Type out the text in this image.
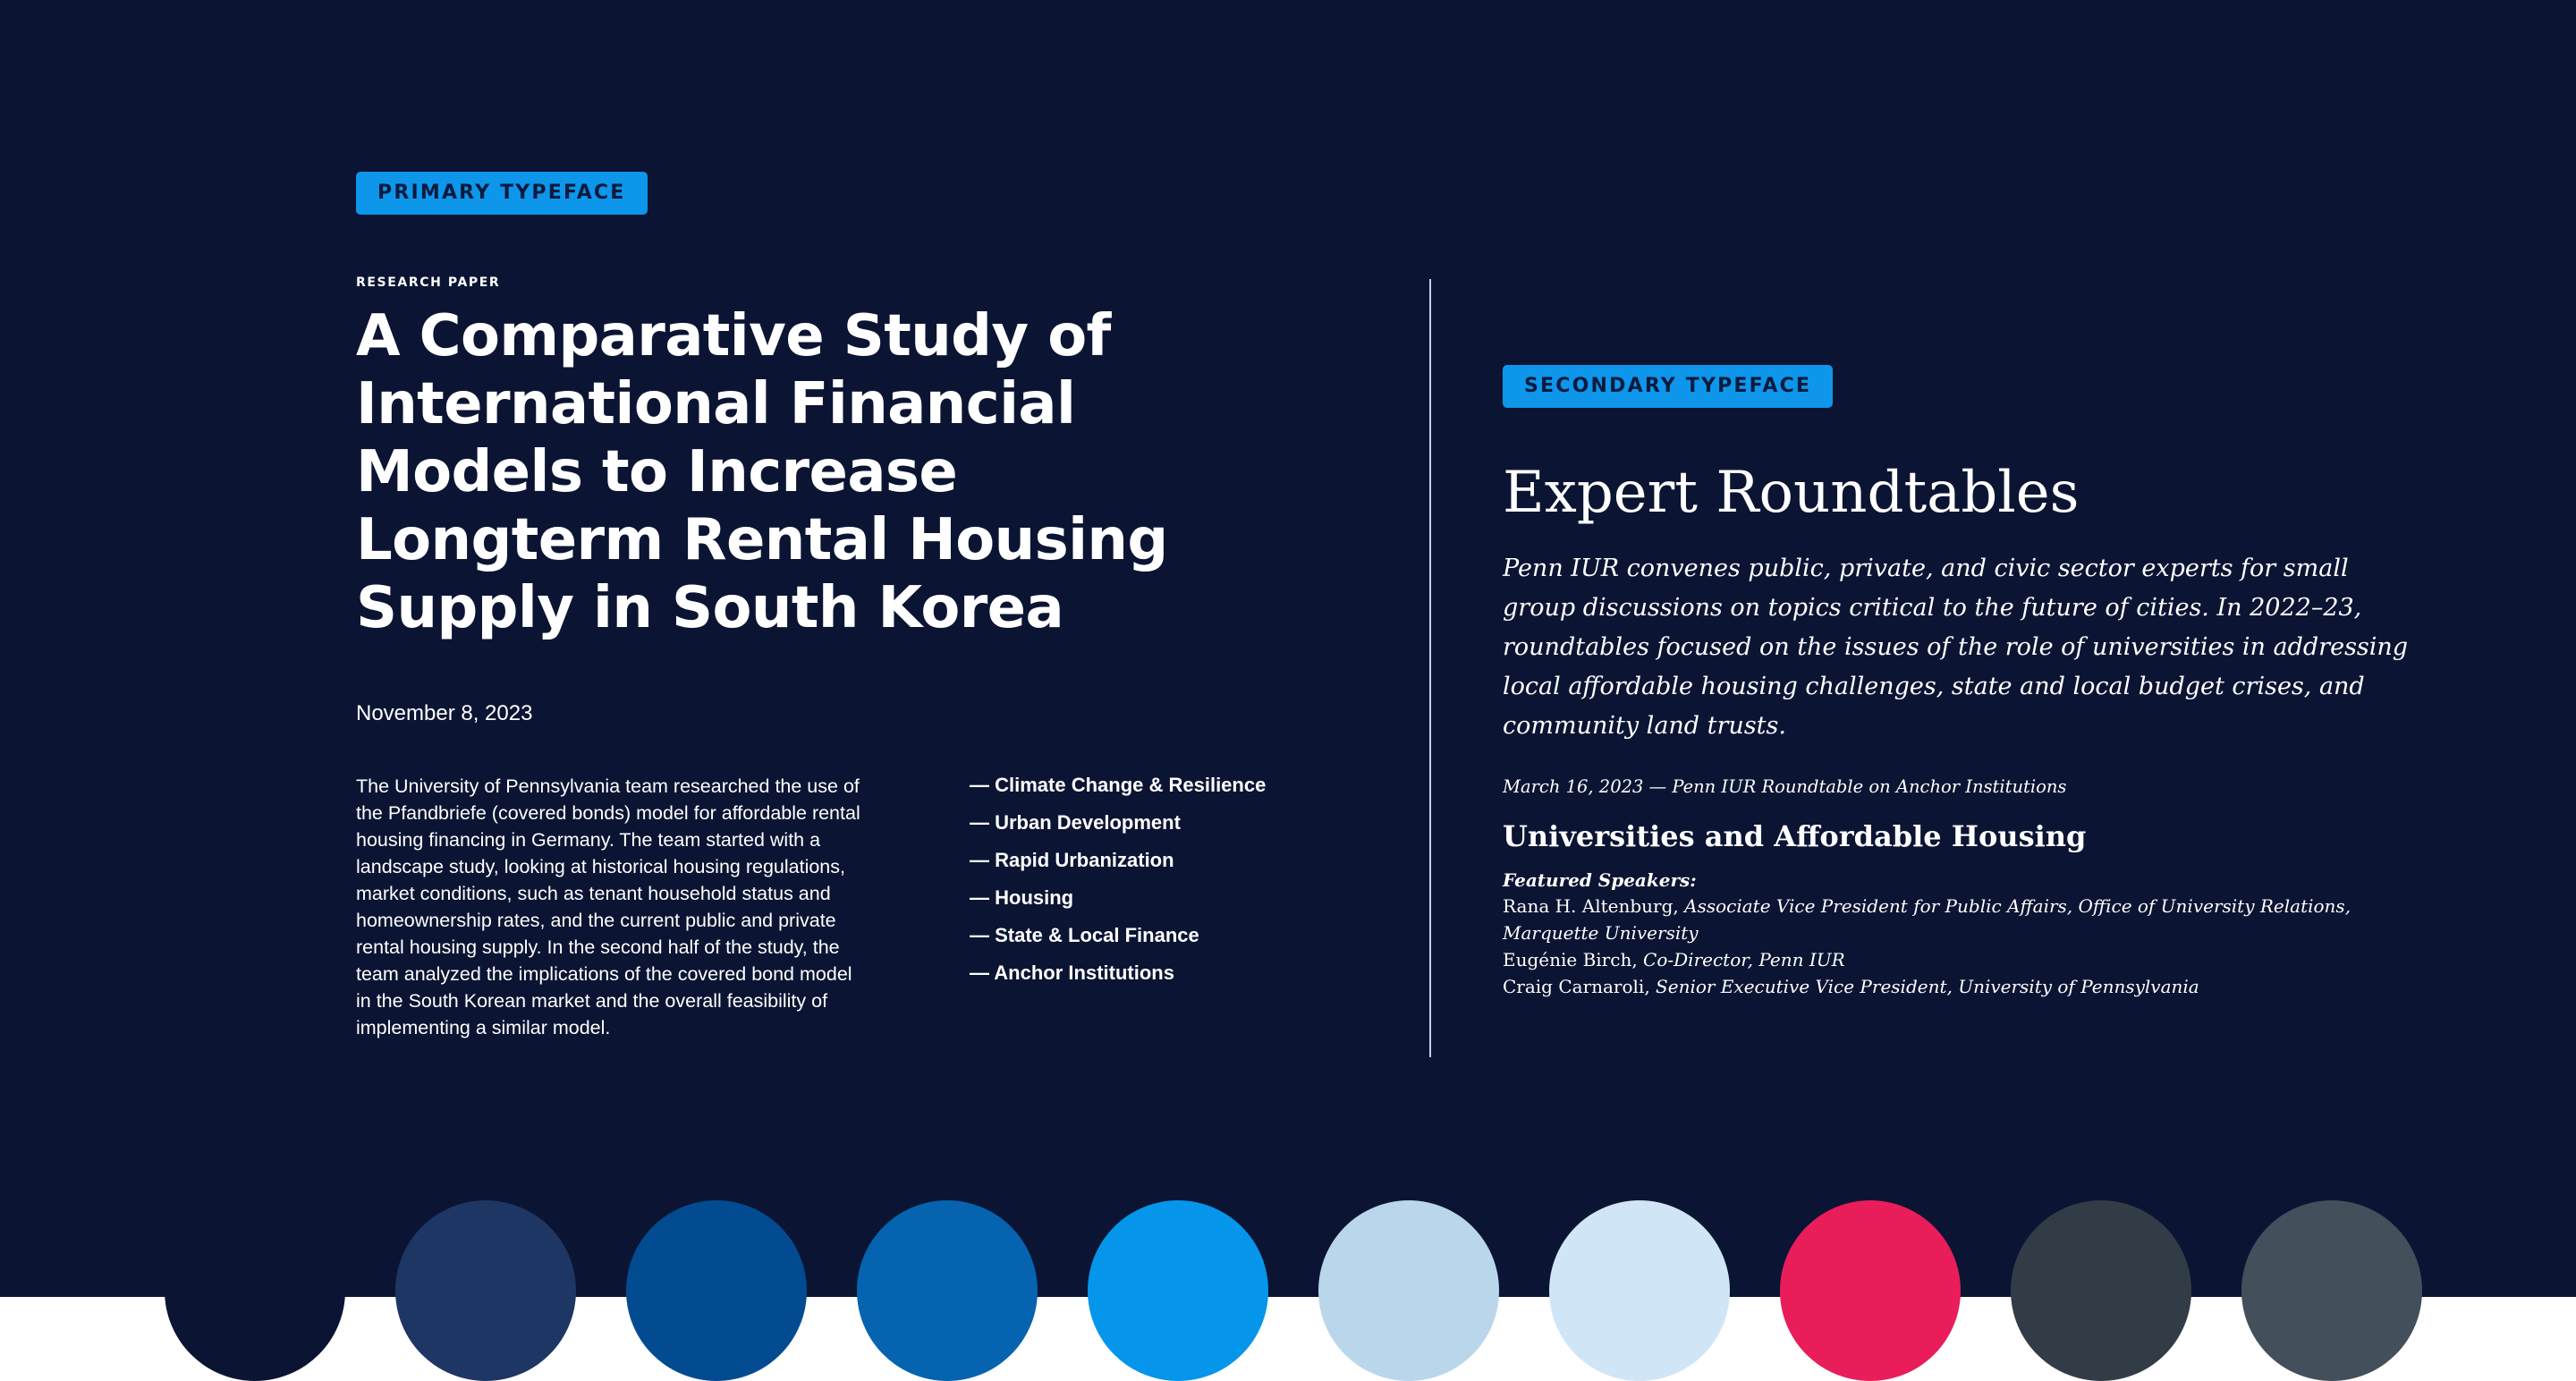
PRIMARY TYPEFACE
RESEARCH PAPER
A Comparative Study of International Financial Models to Increase Longterm Rental Housing Supply in South Korea
November 8, 2023

The University of Pennsylvania team researched the use of the Pfandbriefe (covered bonds) model for affordable rental housing financing in Germany. The team started with a landscape study, looking at historical housing regulations, market conditions, such as tenant household status and homeownership rates, and the current public and private rental housing supply. In the second half of the study, the team analyzed the implications of the covered bond model in the South Korean market and the overall feasibility of implementing a similar model.

— Climate Change & Resilience
— Urban Development
— Rapid Urbanization
— Housing
— State & Local Finance
— Anchor Institutions
SECONDARY TYPEFACE
Expert Roundtables

Penn IUR convenes public, private, and civic sector experts for small group discussions on topics critical to the future of cities. In 2022–23, roundtables focused on the issues of the role of universities in addressing local affordable housing challenges, state and local budget crises, and community land trusts.

March 16, 2023 — Penn IUR Roundtable on Anchor Institutions
Universities and Affordable Housing
Featured Speakers:
Rana H. Altenburg, Associate Vice President for Public Affairs, Office of University Relations, Marquette University
Eugénie Birch, Co-Director, Penn IUR
Craig Carnaroli, Senior Executive Vice President, University of Pennsylvania
